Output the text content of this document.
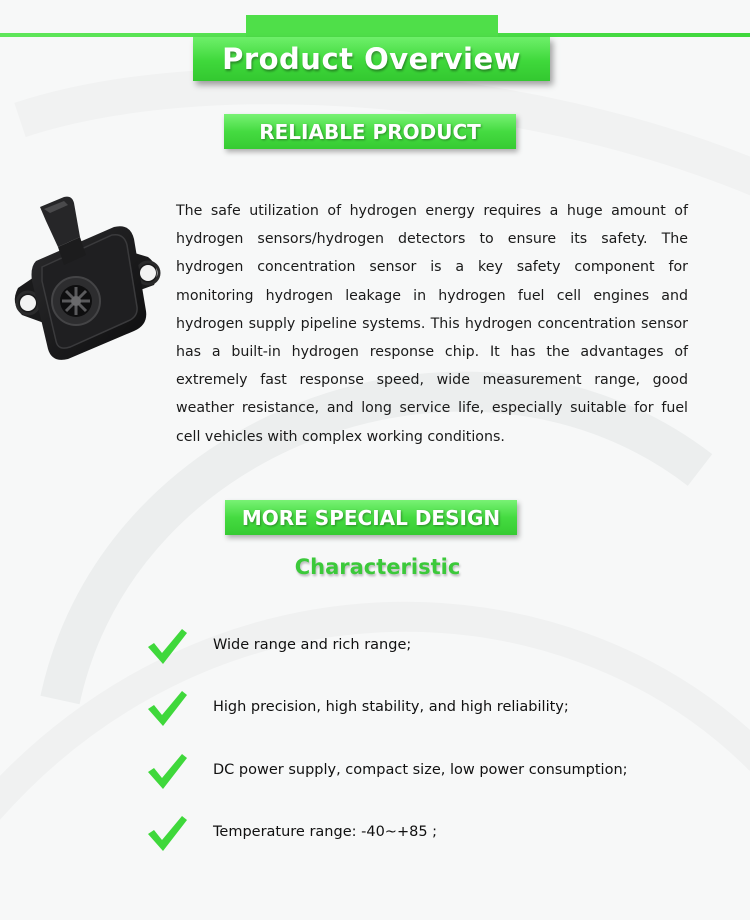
Product Overview
RELIABLE PRODUCT

The safe utilization of hydrogen energy requires a huge amount of hydrogen sensors/hydrogen detectors to ensure its safety. The hydrogen concentration sensor is a key safety component for monitoring hydrogen leakage in hydrogen fuel cell engines and hydrogen supply pipeline systems. This hydrogen concentration sensor has a built-in hydrogen response chip. It has the advantages of extremely fast response speed, wide measurement range, good weather resistance, and long service life, especially suitable for fuel cell vehicles with complex working conditions.

MORE SPECIAL DESIGN
Characteristic
Wide range and rich range;
High precision, high stability, and high reliability;
DC power supply, compact size, low power consumption;
Temperature range: -40~+85 ;
